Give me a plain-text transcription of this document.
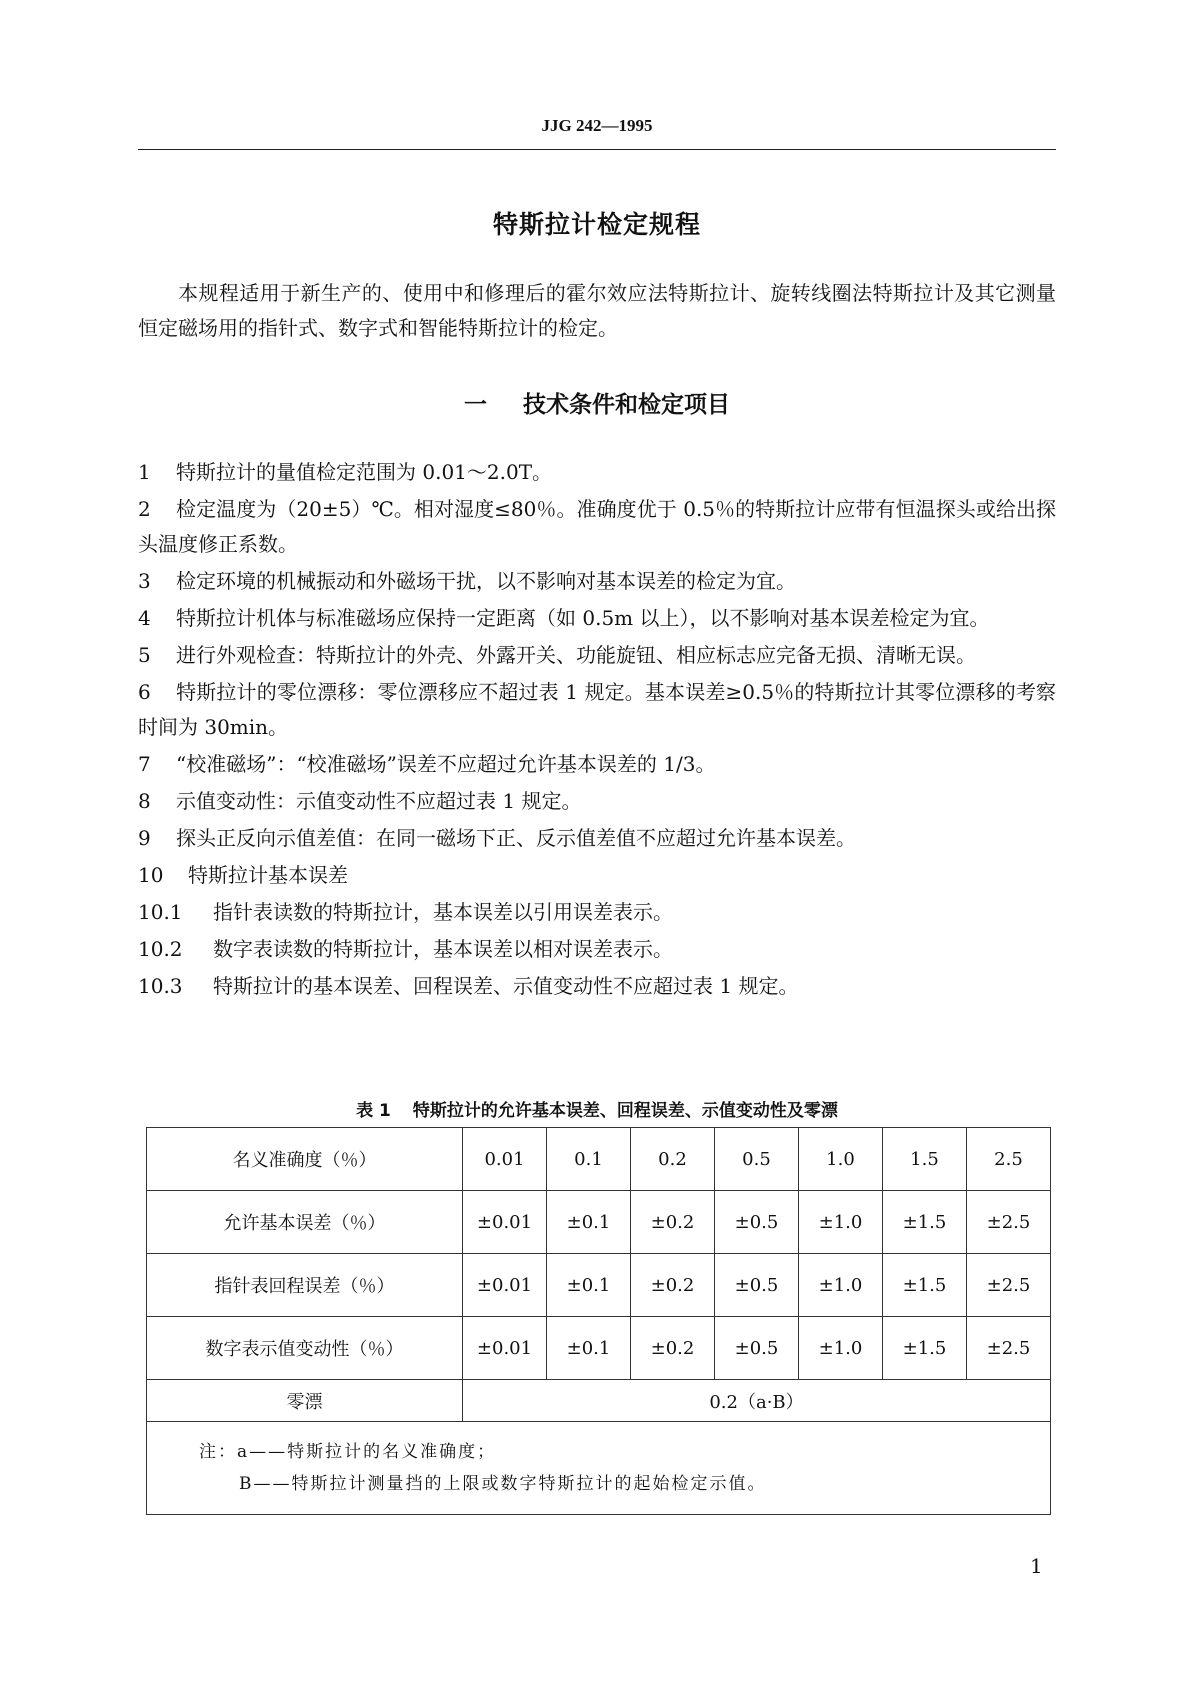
JJG 242—1995
特斯拉计检定规程
本规程适用于新生产的、使用中和修理后的霍尔效应法特斯拉计、旋转线圈法特斯拉计及其它测量恒定磁场用的指针式、数字式和智能特斯拉计的检定。
一 技术条件和检定项目

1 特斯拉计的量值检定范围为 0.01～2.0T。

2 检定温度为（20±5）℃。相对湿度≤80％。准确度优于 0.5％的特斯拉计应带有恒温探头或给出探头温度修正系数。

3 检定环境的机械振动和外磁场干扰，以不影响对基本误差的检定为宜。

4 特斯拉计机体与标准磁场应保持一定距离（如 0.5m 以上），以不影响对基本误差检定为宜。

5 进行外观检查：特斯拉计的外壳、外露开关、功能旋钮、相应标志应完备无损、清晰无误。

6 特斯拉计的零位漂移：零位漂移应不超过表 1 规定。基本误差≥0.5％的特斯拉计其零位漂移的考察时间为 30min。

7 “校准磁场”：“校准磁场”误差不应超过允许基本误差的 1/3。

8 示值变动性：示值变动性不应超过表 1 规定。

9 探头正反向示值差值：在同一磁场下正、反示值差值不应超过允许基本误差。

10 特斯拉计基本误差

10.1 指针表读数的特斯拉计，基本误差以引用误差表示。

10.2 数字表读数的特斯拉计，基本误差以相对误差表示。

10.3 特斯拉计的基本误差、回程误差、示值变动性不应超过表 1 规定。

表 1 特斯拉计的允许基本误差、回程误差、示值变动性及零漂
名义准确度（％）	0.01	0.1	0.2	0.5	1.0	1.5	2.5
允许基本误差（％）	±0.01	±0.1	±0.2	±0.5	±1.0	±1.5	±2.5
指针表回程误差（％）	±0.01	±0.1	±0.2	±0.5	±1.0	±1.5	±2.5
数字表示值变动性（％）	±0.01	±0.1	±0.2	±0.5	±1.0	±1.5	±2.5
零漂	0.2（a·B）						

注：a——特斯拉计的名义准确度；
B——特斯拉计测量挡的上限或数字特斯拉计的起始检定示值。							
1
